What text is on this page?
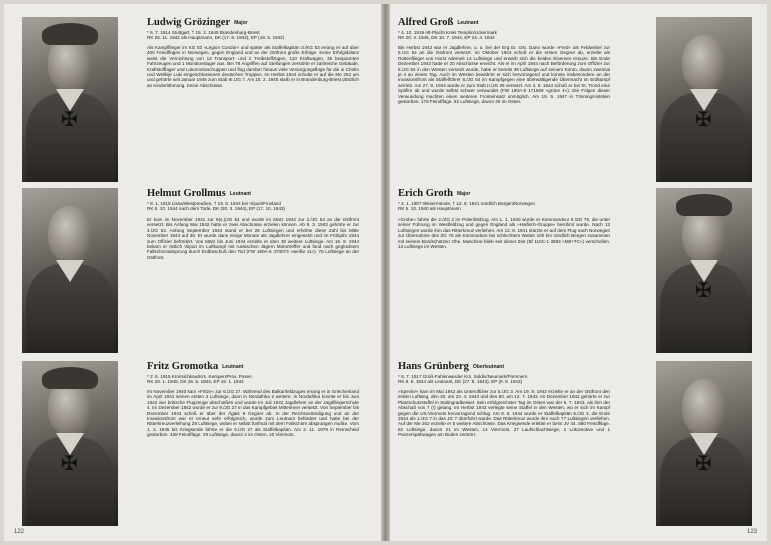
✠
Ludwig Grözinger Major
* 6. 7. 1914 Stuttgart, † 15. 2. 1945 Brandenburg-Briest
RK 25. 11. 1942 als Hauptmann, DK (17. 8. 1942), EP (18. 5. 1942)

Als Kampfflieger im KG 53 »Legion Condor« und später als Staffelkapitän 3./KG 53 errang er auf über 400 Feindflügen in Norwegen, gegen England und an der Ostfront große Erfolge. Seine Erfolgsbilanz weist die Vernichtung von 13 Transport- und 2 Treibstoffzügen, 110 Kraftwagen, 35 bespannten Fahrzeugen und 1 Munitionslager aus. Bei 78 Angriffen auf Stellungen zerstörte er zahlreiche Gebäude, Kraftstofflager und Lokomotivschuppen und flog darüber hinaus viele Versorgungsflüge für die in Cholm und Welikije Luki eingeschlossenen deutschen Truppen. Im Herbst 1944 schulte er auf die Me 262 um und gehörte seit Januar 1945 zum Stab III./JG 7. Am 15. 2. 1945 starb er in Brandenburg-Briest plötzlich an Kinderlähmung. Keine Abschüsse.

Helmut Grollmus Leutnant
* 8. 1. 1918 Lissa/Westpreußen, † 19. 8. 1944 bei Viipuri/Finnland
RK 6. 10. 1944 nach dem Tode, DK (20. 3. 1944), EP (17. 10. 1943)

Er kam im November 1941 zur 6(s.)/JG 54 und wurde im März 1942 zur 2./JG 54 an die Ostfront versetzt. Bis Anfang Mai 1942 hatte er zwei Abschüsse erzielen können. Ab 8. 3. 1943 gehörte er zur 4./JG 54. Anfang September 1943 stand er bei 26 Luftsiegen und erhöhte diese Zahl bis Mitte November 1943 auf 39. Er wurde dann einige Monate als Jagdlehrer eingesetzt und im Frühjahr 1944 zum Offizier befördert. Von März bis Juni 1944 erzielte er über 30 weitere Luftsiege. Am 19. 8. 1944 bekam er östlich Viipuri im Luftkampf mit russischen Jägern Motortreffer und fand nach geglücktem Fallschirmabsprung durch Erdbeschuß den Tod (FW 190A-6 470073 »weiße 11«). 75 Luftsiege an der Ostfront.

✠
Fritz Gromotka Leutnant
* 2. 6. 1915 Kronsichkow/Krs. Kempen/Prov. Posen
RK 28. 1. 1945, DK 25. 5. 1944, EP 19. 1. 1944

Im November 1940 kam »Fritze« zur 6./JG 27. Während des Balkanfeldzuges errang er in Griechenland im April 1941 seinen ersten 3 Luftsiege, dann in Nordafrika 2 weitere. In Nordafrika konnte er bis Juni 1942 vier britische Flugzeuge abschießen und wurde im Juli 1942 Jagdlehrer an der Jagdfliegerschule 4. Im Dezember 1942 wurde er zur 9./JG 27 in das Kampfgebiet Mittelmeer versetzt. Von September bis Dezember 1943 schoß er über der Ägäis 9 Gegner ab. In der Reichsverteidigung und an der Invasionsfront war er erneut sehr erfolgreich, wurde zum Leutnant befördert und hatte bei der Ritterkreuzverleihung 29 Luftsiege, wobei er selbst fünfmal mit dem Fallschirm absprangen mußte. Vom 1. 2. 1945 bis Kriegsende führte er die 9./JG 27 als Staffelkapitän. Am 2. 11. 1979 in Remscheid gestorben. 438 Feindflüge. 29 Luftsiege, davon 2 im Osten, 10 Viermots.

122
Alfred Groß Leutnant
* 4. 10. 1919 Alt-Placht Kreis Templin/Uckermark
RK 20. 4. 1945, DK 10. 7. 1944, EP 24. 4. 1944

Bis Herbst 1943 war er Jagdlehrer, u. a. bei der Erg.Gr. Ost. Dann wurde »Fred« als Feldwebel zur 5./JG 54 an die Ostfront versetzt. Im Oktober 1943 schoß er die ersten Gegner ab, erzielte als Rottenflieger von Horst Ademeit 14 Luftsiege und erwarb sich die beiden Eisernen Kreuze. Bis Ende Dezember 1943 hatte er 20 Abschüsse erreicht. Als er im April 1944 nach Beförderung zum Offizier zur 5./JG 54 in den Westen versetzt wurde, hatte er bereits 39 Luftsiege auf seinem Konto, davon zweimal je 4 an einem Tag. Auch im Westen bewährte er sich hervorragend und konnte insbesondere an der Invasionsfront als Staffelführer 8./JG 54 im Kampfgegen eine überwältigende Übermacht im Erdkampf zerrieb. Am 27. 8. 1944 wurde er zum Stab II./JG 26 versetzt. Am 3. 9. 1944 schoß er bei St. Trond eine Spitfire ab und wurde selbst schwer verwundet (FW 190A-8 171569 »grüne 4«). Die Folgen dieser Verwundung machten einen weiteren Fronteinsatz unmöglich. Am 19. 9. 1947 in Tönning/Holstein gestorben. 175 Feindflüge. 52 Luftsiege, davon 39 im Osten.

✠
Erich Groth Major
* 4. 1. 1907 Wesermünde, † 12. 8. 1941 nördlich Bergen/Norwegen
RK 5. 10. 1940 als Hauptmann

»Grobe« führte die 2./ZG 2 im Polenfeldzug. Am 1. 1. 1940 wurde er Kommandeur II./ZG 76, die unter seiner Führung im Westfeldzug und gegen England als »Haifisch-Gruppe« berühmt wurde. Nach 12 Luftsiegen wurde ihm das Ritterkreuz verliehen. Am 12. 8. 1941 stürzte er auf dem Flug nach Norwegen zur Übernahme des ZG 76 als Kommodore bei schlechtem Wetter 100 km nördlich Bergen zusammen mit seinem Bordschützen Ohe. Maschine blieb seit dieser Zeit (Bf 110C-1 3883 »M8+TC«) verschollen. 13 Luftsiege im Westen.

✠
Hans Grünberg Oberleutnant
* 8. 7. 1917 Groß-Fahlenwerder Krs. Soldin/Neumark/Pommern
RK 8. 6. 1944 als Leutnant, DK (27. 8. 1943), EP (9. 8. 1943)

»Specke« kam im Mai 1942 als Unteroffizier zur 5./JG 3. Am 19. 8. 1942 erzielte er an der Ostfront den ersten Luftsieg, den 20. am 23. 4. 1943 und den 50. am 12. 7. 1943. Im Dezember 1942 gehörte er zur Platzschutzstaffel in Stalingradkessel. Sein erfolgreichster Tag im Osten war der 5. 7. 1943, als ihm der Abschuß von 7 (!) gelang. Im Herbst 1943 verlegte seine Staffel in den Westen, wo er sich im Kampf gegen die US-Viermots hervorragend schlug. Am 8. 5. 1944 wurde er Staffelkapitän 5./JG 3, die Ende 1944 als 1./JG 7 in das JG 7 überführt wurde. Das Ritterkreuz wurde ihm nach 77 Luftsiegen verliehen. Auf der Me 262 erzielte er 5 weitere Abschüsse. Das Kriegsende erlebte er beim JV 44. 550 Feindflüge. 82 Luftsiege, davon 21 im Westen, 14 Viermots, 27 Laufschlachtsiege, 1 Lokomotive und 1 Panzerspähwagen am Boden zerstört.

✠
123
